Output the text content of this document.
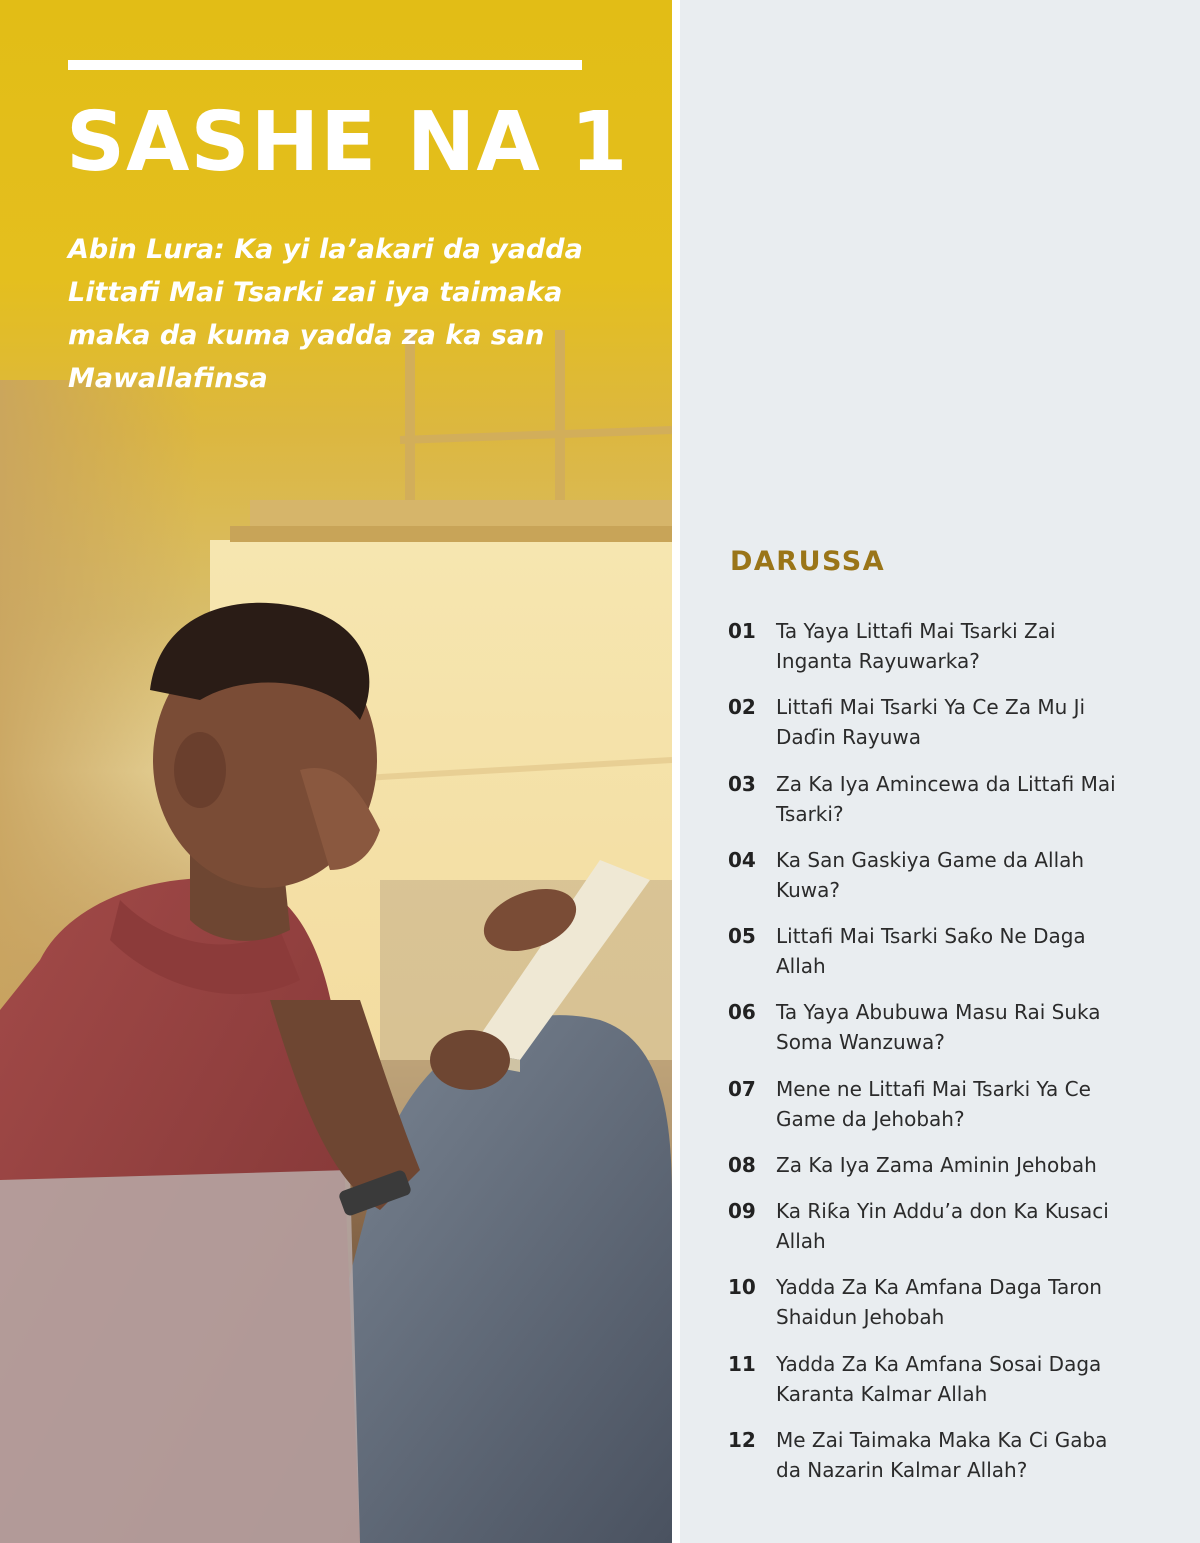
SASHE NA 1

Abin Lura: Ka yi la’akari da yadda Littafi Mai Tsarki zai iya taimaka maka da kuma yadda za ka san Mawallafinsa

DARUSSA
01	Ta Yaya Littafi Mai Tsarki Zai Inganta Rayuwarka?
02	Littafi Mai Tsarki Ya Ce Za Mu Ji Daɗin Rayuwa
03	Za Ka Iya Amincewa da Littafi Mai Tsarki?
04	Ka San Gaskiya Game da Allah Kuwa?
05	Littafi Mai Tsarki Saƙo Ne Daga Allah
06	Ta Yaya Abubuwa Masu Rai Suka Soma Wanzuwa?
07	Mene ne Littafi Mai Tsarki Ya Ce Game da Jehobah?
08	Za Ka Iya Zama Aminin Jehobah
09	Ka Riƙa Yin Addu’a don Ka Kusaci Allah
10	Yadda Za Ka Amfana Daga Taron Shaidun Jehobah
11	Yadda Za Ka Amfana Sosai Daga Karanta Kalmar Allah
12	Me Zai Taimaka Maka Ka Ci Gaba da Nazarin Kalmar Allah?
